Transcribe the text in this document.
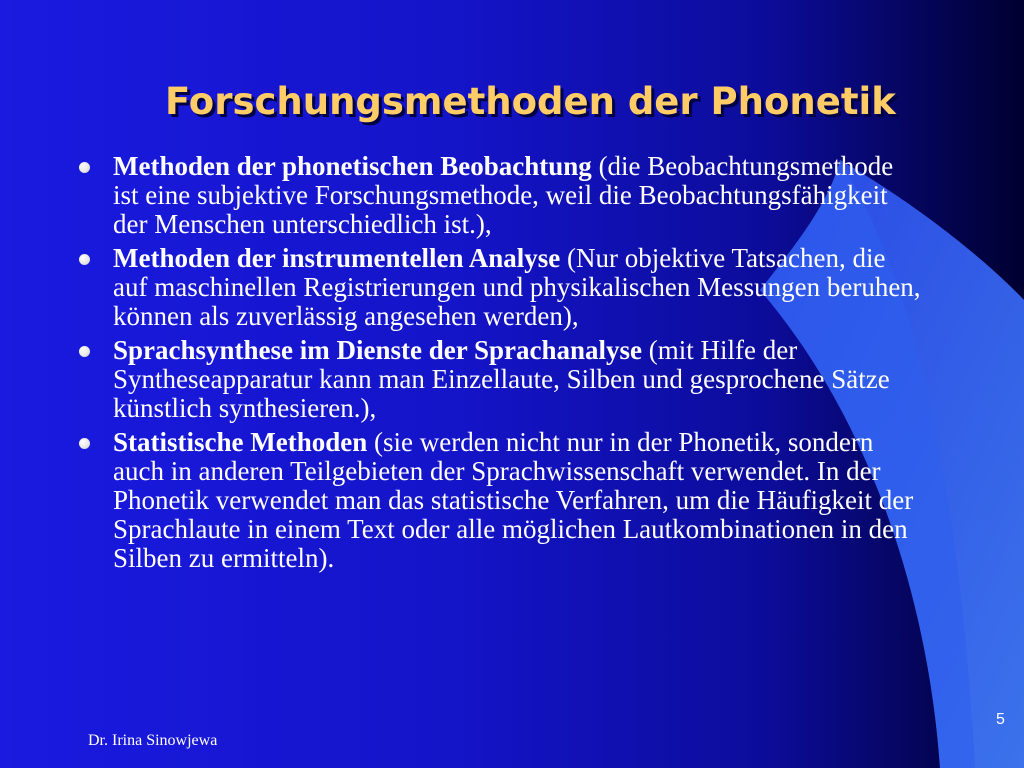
Forschungsmethoden der Phonetik
Methoden der phonetischen Beobachtung (die Beobachtungsmethode ist eine subjektive Forschungsmethode, weil die Beobachtungsfähigkeit der Menschen unterschiedlich ist.),
Methoden der instrumentellen Analyse (Nur objektive Tatsachen, die auf maschinellen Registrierungen und physikalischen Messungen beruhen, können als zuverlässig angesehen werden),
Sprachsynthese im Dienste der Sprachanalyse (mit Hilfe der Syntheseapparatur kann man Einzellaute, Silben und gesprochene Sätze künstlich synthesieren.),
Statistische Methoden (sie werden nicht nur in der Phonetik, sondern auch in anderen Teilgebieten der Sprachwissenschaft verwendet. In der Phonetik verwendet man das statistische Verfahren, um die Häufigkeit der Sprachlaute in einem Text oder alle möglichen Lautkombinationen in den Silben zu ermitteln).
Dr. Irina Sinowjewa
5
